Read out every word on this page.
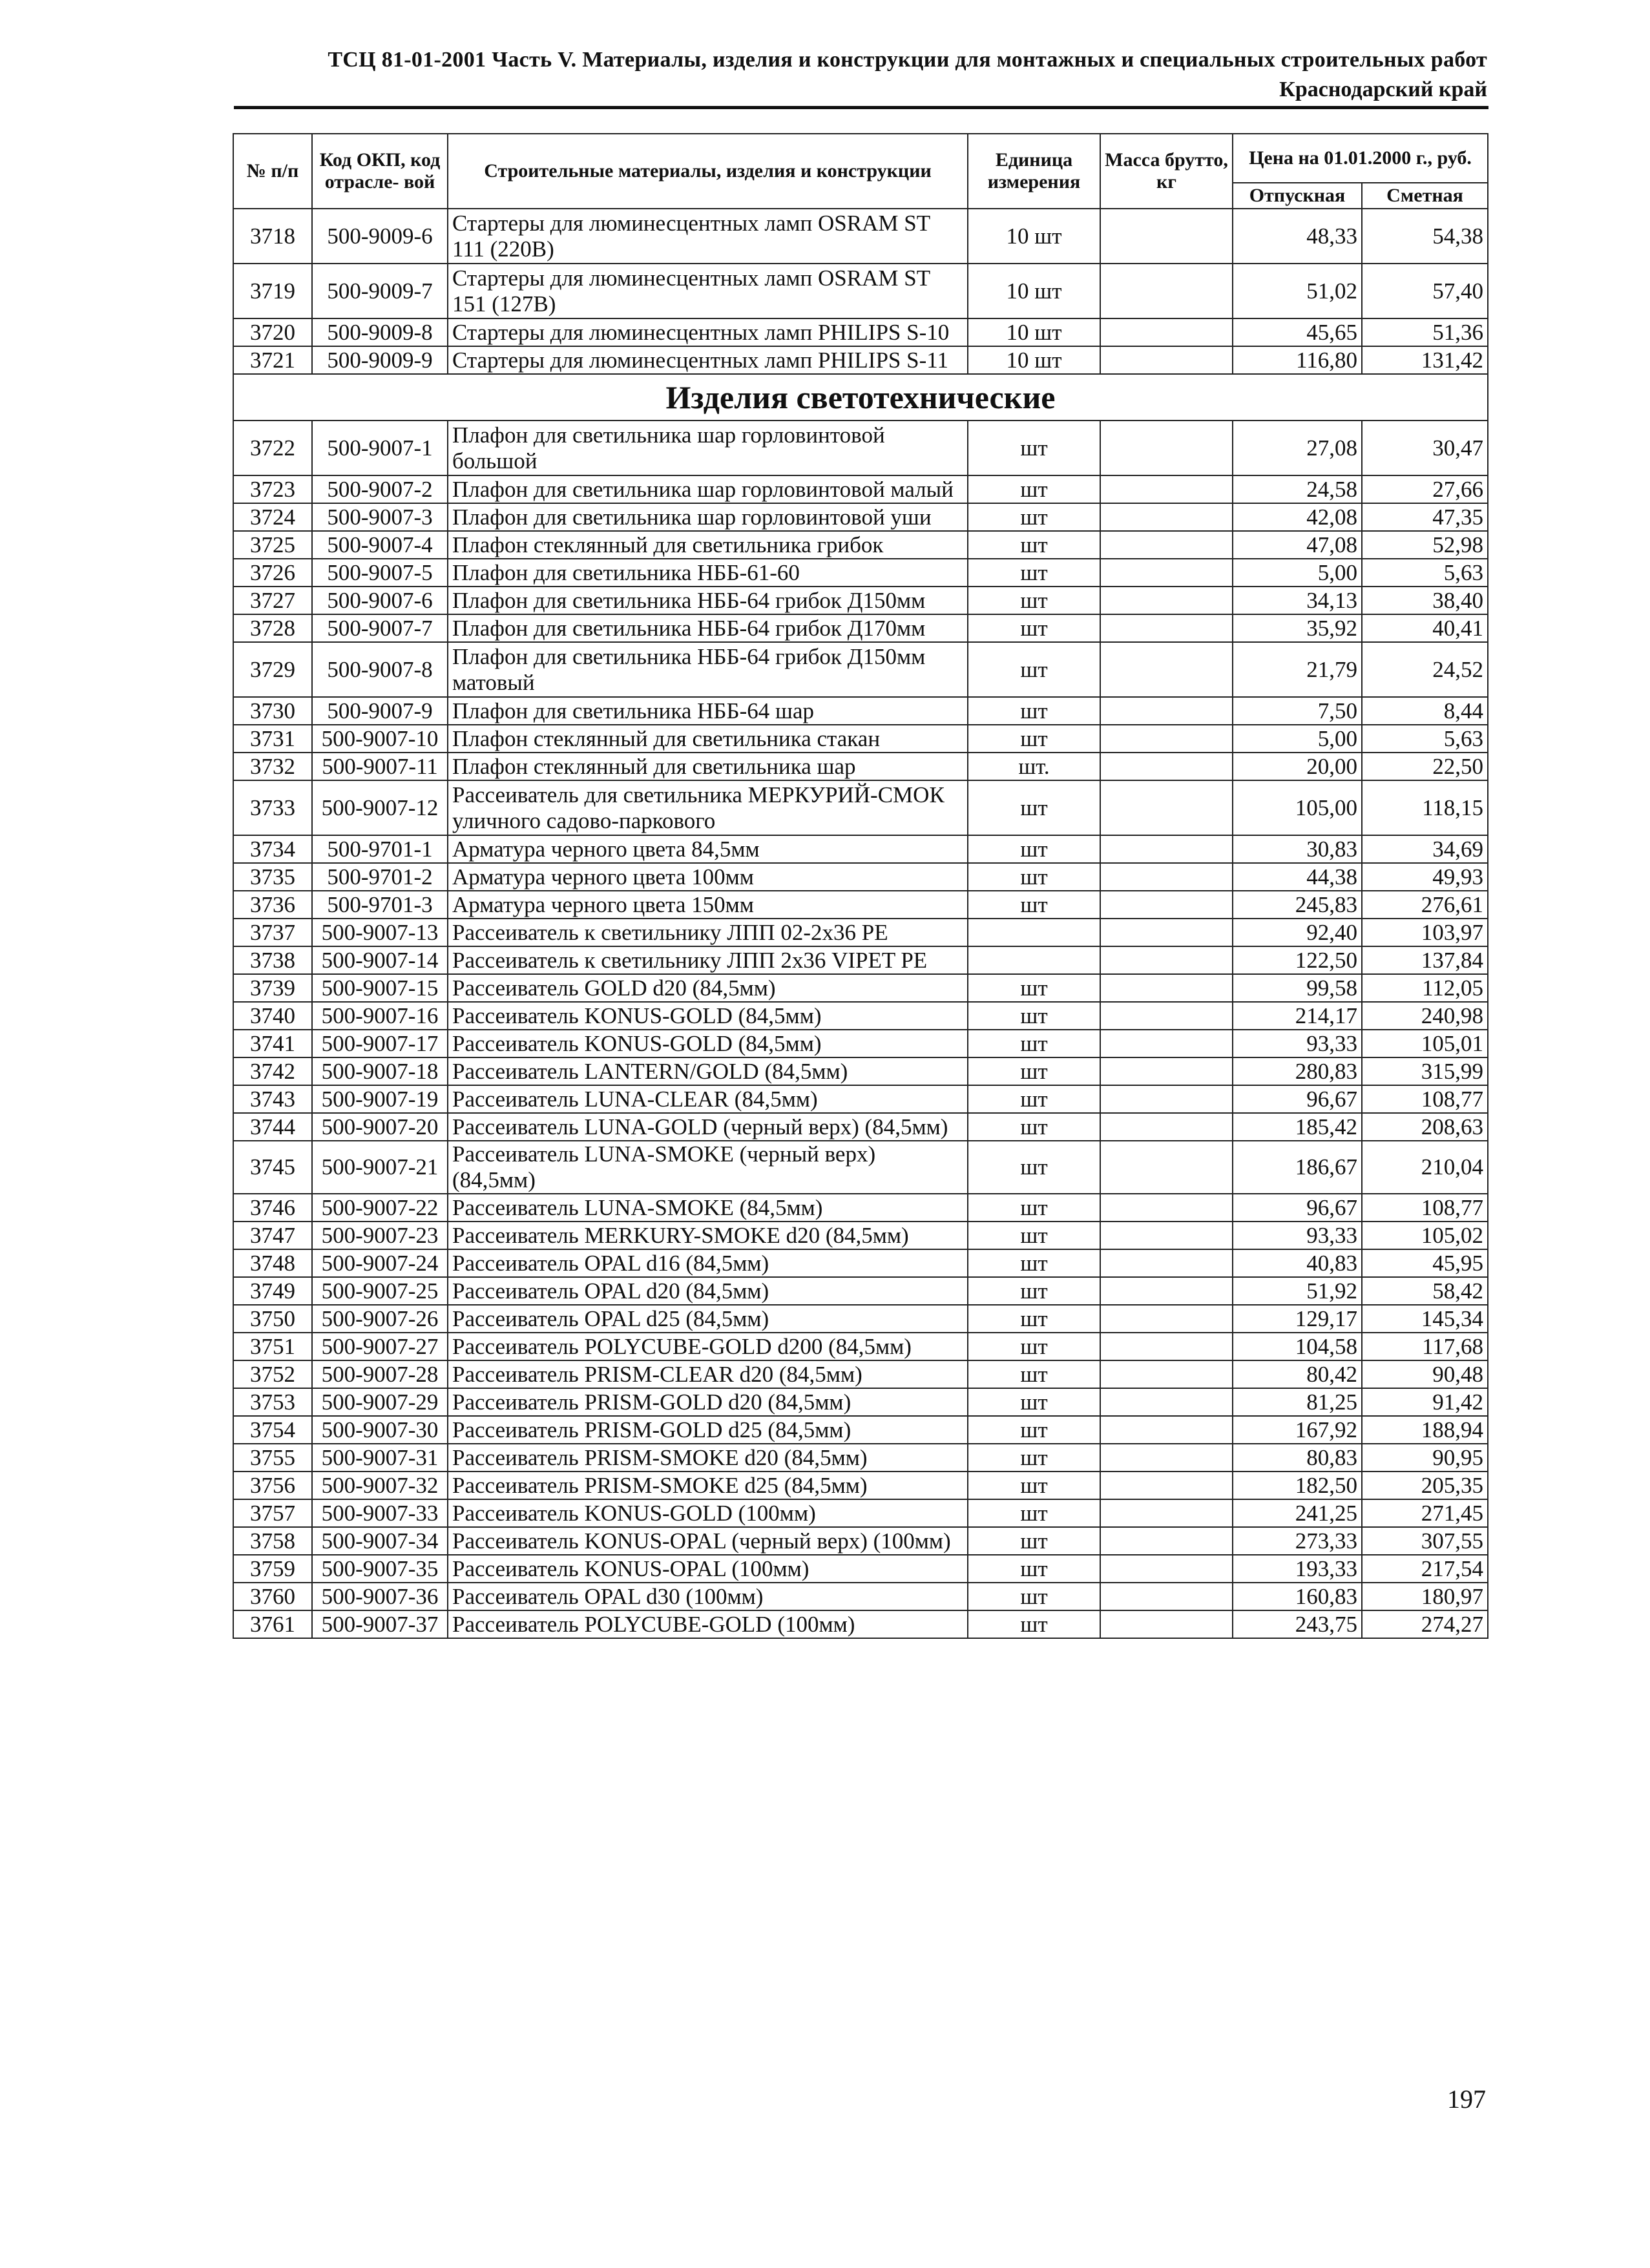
ТСЦ 81-01-2001 Часть V. Материалы, изделия и конструкции для монтажных и специальных строительных работ
Краснодарский край
№ п/п	Код ОКП, код отрасле- вой	Строительные материалы, изделия и конструкции	Единица измерения	Масса брутто, кг	Цена на 01.01.2000 г., руб.	
					Отпускная	Сметная
3718	500-9009-6	Стартеры для люминесцентных ламп OSRAM ST 111 (220В)	10 шт		48,33	54,38
3719	500-9009-7	Стартеры для люминесцентных ламп OSRAM ST 151 (127В)	10 шт		51,02	57,40
3720	500-9009-8	Стартеры для люминесцентных ламп PHILIPS S-10	10 шт		45,65	51,36
3721	500-9009-9	Стартеры для люминесцентных ламп PHILIPS S-11	10 шт		116,80	131,42
Изделия светотехнические						
3722	500-9007-1	Плафон для светильника шар горловинтовой большой	шт		27,08	30,47
3723	500-9007-2	Плафон для светильника шар горловинтовой малый	шт		24,58	27,66
3724	500-9007-3	Плафон для светильника шар горловинтовой уши	шт		42,08	47,35
3725	500-9007-4	Плафон стеклянный для светильника грибок	шт		47,08	52,98
3726	500-9007-5	Плафон для светильника НББ-61-60	шт		5,00	5,63
3727	500-9007-6	Плафон для светильника НББ-64 грибок Д150мм	шт		34,13	38,40
3728	500-9007-7	Плафон для светильника НББ-64 грибок Д170мм	шт		35,92	40,41
3729	500-9007-8	Плафон для светильника НББ-64 грибок Д150мм матовый	шт		21,79	24,52
3730	500-9007-9	Плафон для светильника НББ-64 шар	шт		7,50	8,44
3731	500-9007-10	Плафон стеклянный для светильника стакан	шт		5,00	5,63
3732	500-9007-11	Плафон стеклянный для светильника шар	шт.		20,00	22,50
3733	500-9007-12	Рассеиватель для светильника МЕРКУРИЙ-СМОК уличного садово-паркового	шт		105,00	118,15
3734	500-9701-1	Арматура черного цвета 84,5мм	шт		30,83	34,69
3735	500-9701-2	Арматура черного цвета 100мм	шт		44,38	49,93
3736	500-9701-3	Арматура черного цвета 150мм	шт		245,83	276,61
3737	500-9007-13	Рассеиватель к светильнику ЛПП 02-2х36 РЕ			92,40	103,97
3738	500-9007-14	Рассеиватель к светильнику ЛПП 2х36 VIPET PE			122,50	137,84
3739	500-9007-15	Рассеиватель GOLD d20 (84,5мм)	шт		99,58	112,05
3740	500-9007-16	Рассеиватель KONUS-GOLD (84,5мм)	шт		214,17	240,98
3741	500-9007-17	Рассеиватель KONUS-GOLD (84,5мм)	шт		93,33	105,01
3742	500-9007-18	Рассеиватель LANTERN/GOLD (84,5мм)	шт		280,83	315,99
3743	500-9007-19	Рассеиватель LUNA-CLEAR (84,5мм)	шт		96,67	108,77
3744	500-9007-20	Рассеиватель LUNA-GOLD (черный верх) (84,5мм)	шт		185,42	208,63
3745	500-9007-21	Рассеиватель LUNA-SMOKE (черный верх) (84,5мм)	шт		186,67	210,04
3746	500-9007-22	Рассеиватель LUNA-SMOKE (84,5мм)	шт		96,67	108,77
3747	500-9007-23	Рассеиватель MERKURY-SMOKE d20 (84,5мм)	шт		93,33	105,02
3748	500-9007-24	Рассеиватель OPAL d16 (84,5мм)	шт		40,83	45,95
3749	500-9007-25	Рассеиватель OPAL d20 (84,5мм)	шт		51,92	58,42
3750	500-9007-26	Рассеиватель OPAL d25 (84,5мм)	шт		129,17	145,34
3751	500-9007-27	Рассеиватель POLYCUBE-GOLD d200 (84,5мм)	шт		104,58	117,68
3752	500-9007-28	Рассеиватель PRISM-CLEAR d20 (84,5мм)	шт		80,42	90,48
3753	500-9007-29	Рассеиватель PRISM-GOLD d20 (84,5мм)	шт		81,25	91,42
3754	500-9007-30	Рассеиватель PRISM-GOLD d25 (84,5мм)	шт		167,92	188,94
3755	500-9007-31	Рассеиватель PRISM-SMOKE d20 (84,5мм)	шт		80,83	90,95
3756	500-9007-32	Рассеиватель PRISM-SMOKE d25 (84,5мм)	шт		182,50	205,35
3757	500-9007-33	Рассеиватель KONUS-GOLD (100мм)	шт		241,25	271,45
3758	500-9007-34	Рассеиватель KONUS-OPAL (черный верх) (100мм)	шт		273,33	307,55
3759	500-9007-35	Рассеиватель KONUS-OPAL (100мм)	шт		193,33	217,54
3760	500-9007-36	Рассеиватель OPAL d30 (100мм)	шт		160,83	180,97
3761	500-9007-37	Рассеиватель POLYCUBE-GOLD (100мм)	шт		243,75	274,27
197
